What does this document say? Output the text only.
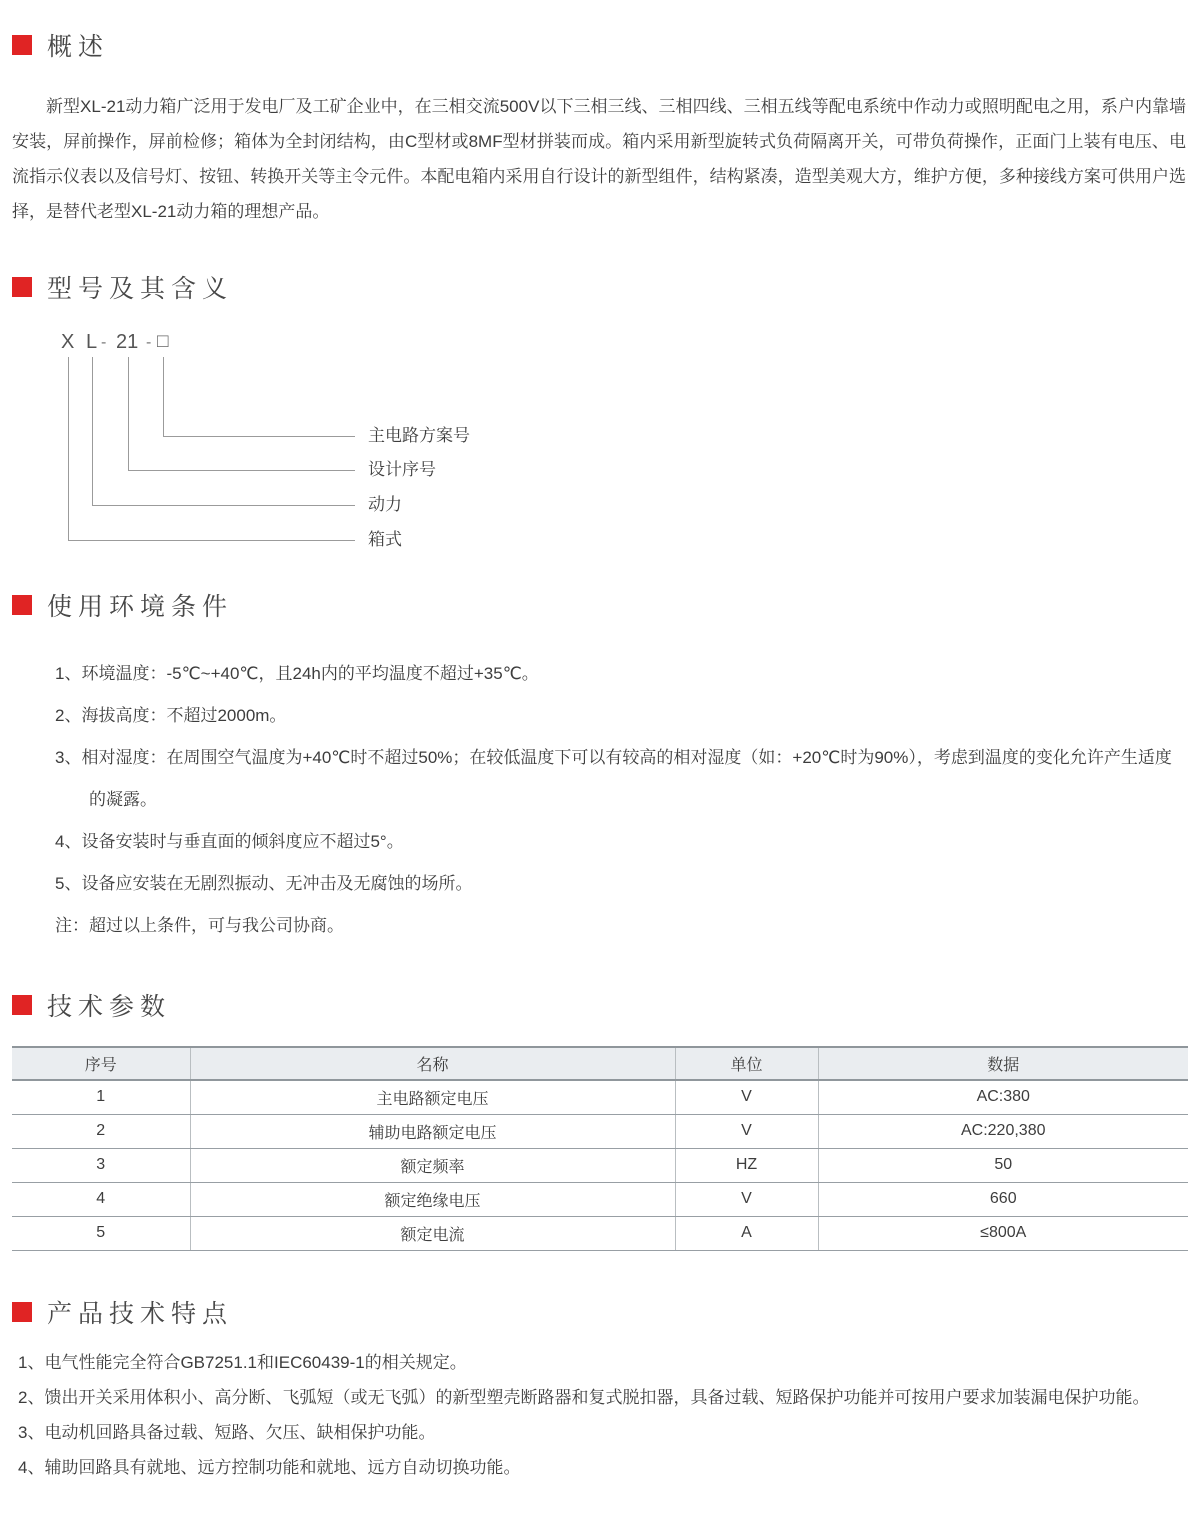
概述

新型XL-21动力箱广泛用于发电厂及工矿企业中，在三相交流500V以下三相三线、三相四线、三相五线等配电系统中作动力或照明配电之用，系户内靠墙安装，屏前操作，屏前检修；箱体为全封闭结构，由C型材或8MF型材拼装而成。箱内采用新型旋转式负荷隔离开关，可带负荷操作，正面门上装有电压、电流指示仪表以及信号灯、按钮、转换开关等主令元件。本配电箱内采用自行设计的新型组件，结构紧凑，造型美观大方，维护方便，多种接线方案可供用户选择，是替代老型XL-21动力箱的理想产品。

型号及其含义
X L - 21 - □
主电路方案号
设计序号
动力
箱式
使用环境条件
1、环境温度：-5℃~+40℃，且24h内的平均温度不超过+35℃。
2、海拔高度：不超过2000m。
3、相对湿度：在周围空气温度为+40℃时不超过50%；在较低温度下可以有较高的相对湿度（如：+20℃时为90%），考虑到温度的变化允许产生适度的凝露。
4、设备安装时与垂直面的倾斜度应不超过5°。
5、设备应安装在无剧烈振动、无冲击及无腐蚀的场所。
注：超过以上条件，可与我公司协商。
技术参数
序号	名称	单位	数据
1	主电路额定电压	V	AC:380
2	辅助电路额定电压	V	AC:220,380
3	额定频率	HZ	50
4	额定绝缘电压	V	660
5	额定电流	A	≤800A
产品技术特点
1、电气性能完全符合GB7251.1和IEC60439-1的相关规定。
2、馈出开关采用体积小、高分断、飞弧短（或无飞弧）的新型塑壳断路器和复式脱扣器，具备过载、短路保护功能并可按用户要求加装漏电保护功能。
3、电动机回路具备过载、短路、欠压、缺相保护功能。
4、辅助回路具有就地、远方控制功能和就地、远方自动切换功能。
